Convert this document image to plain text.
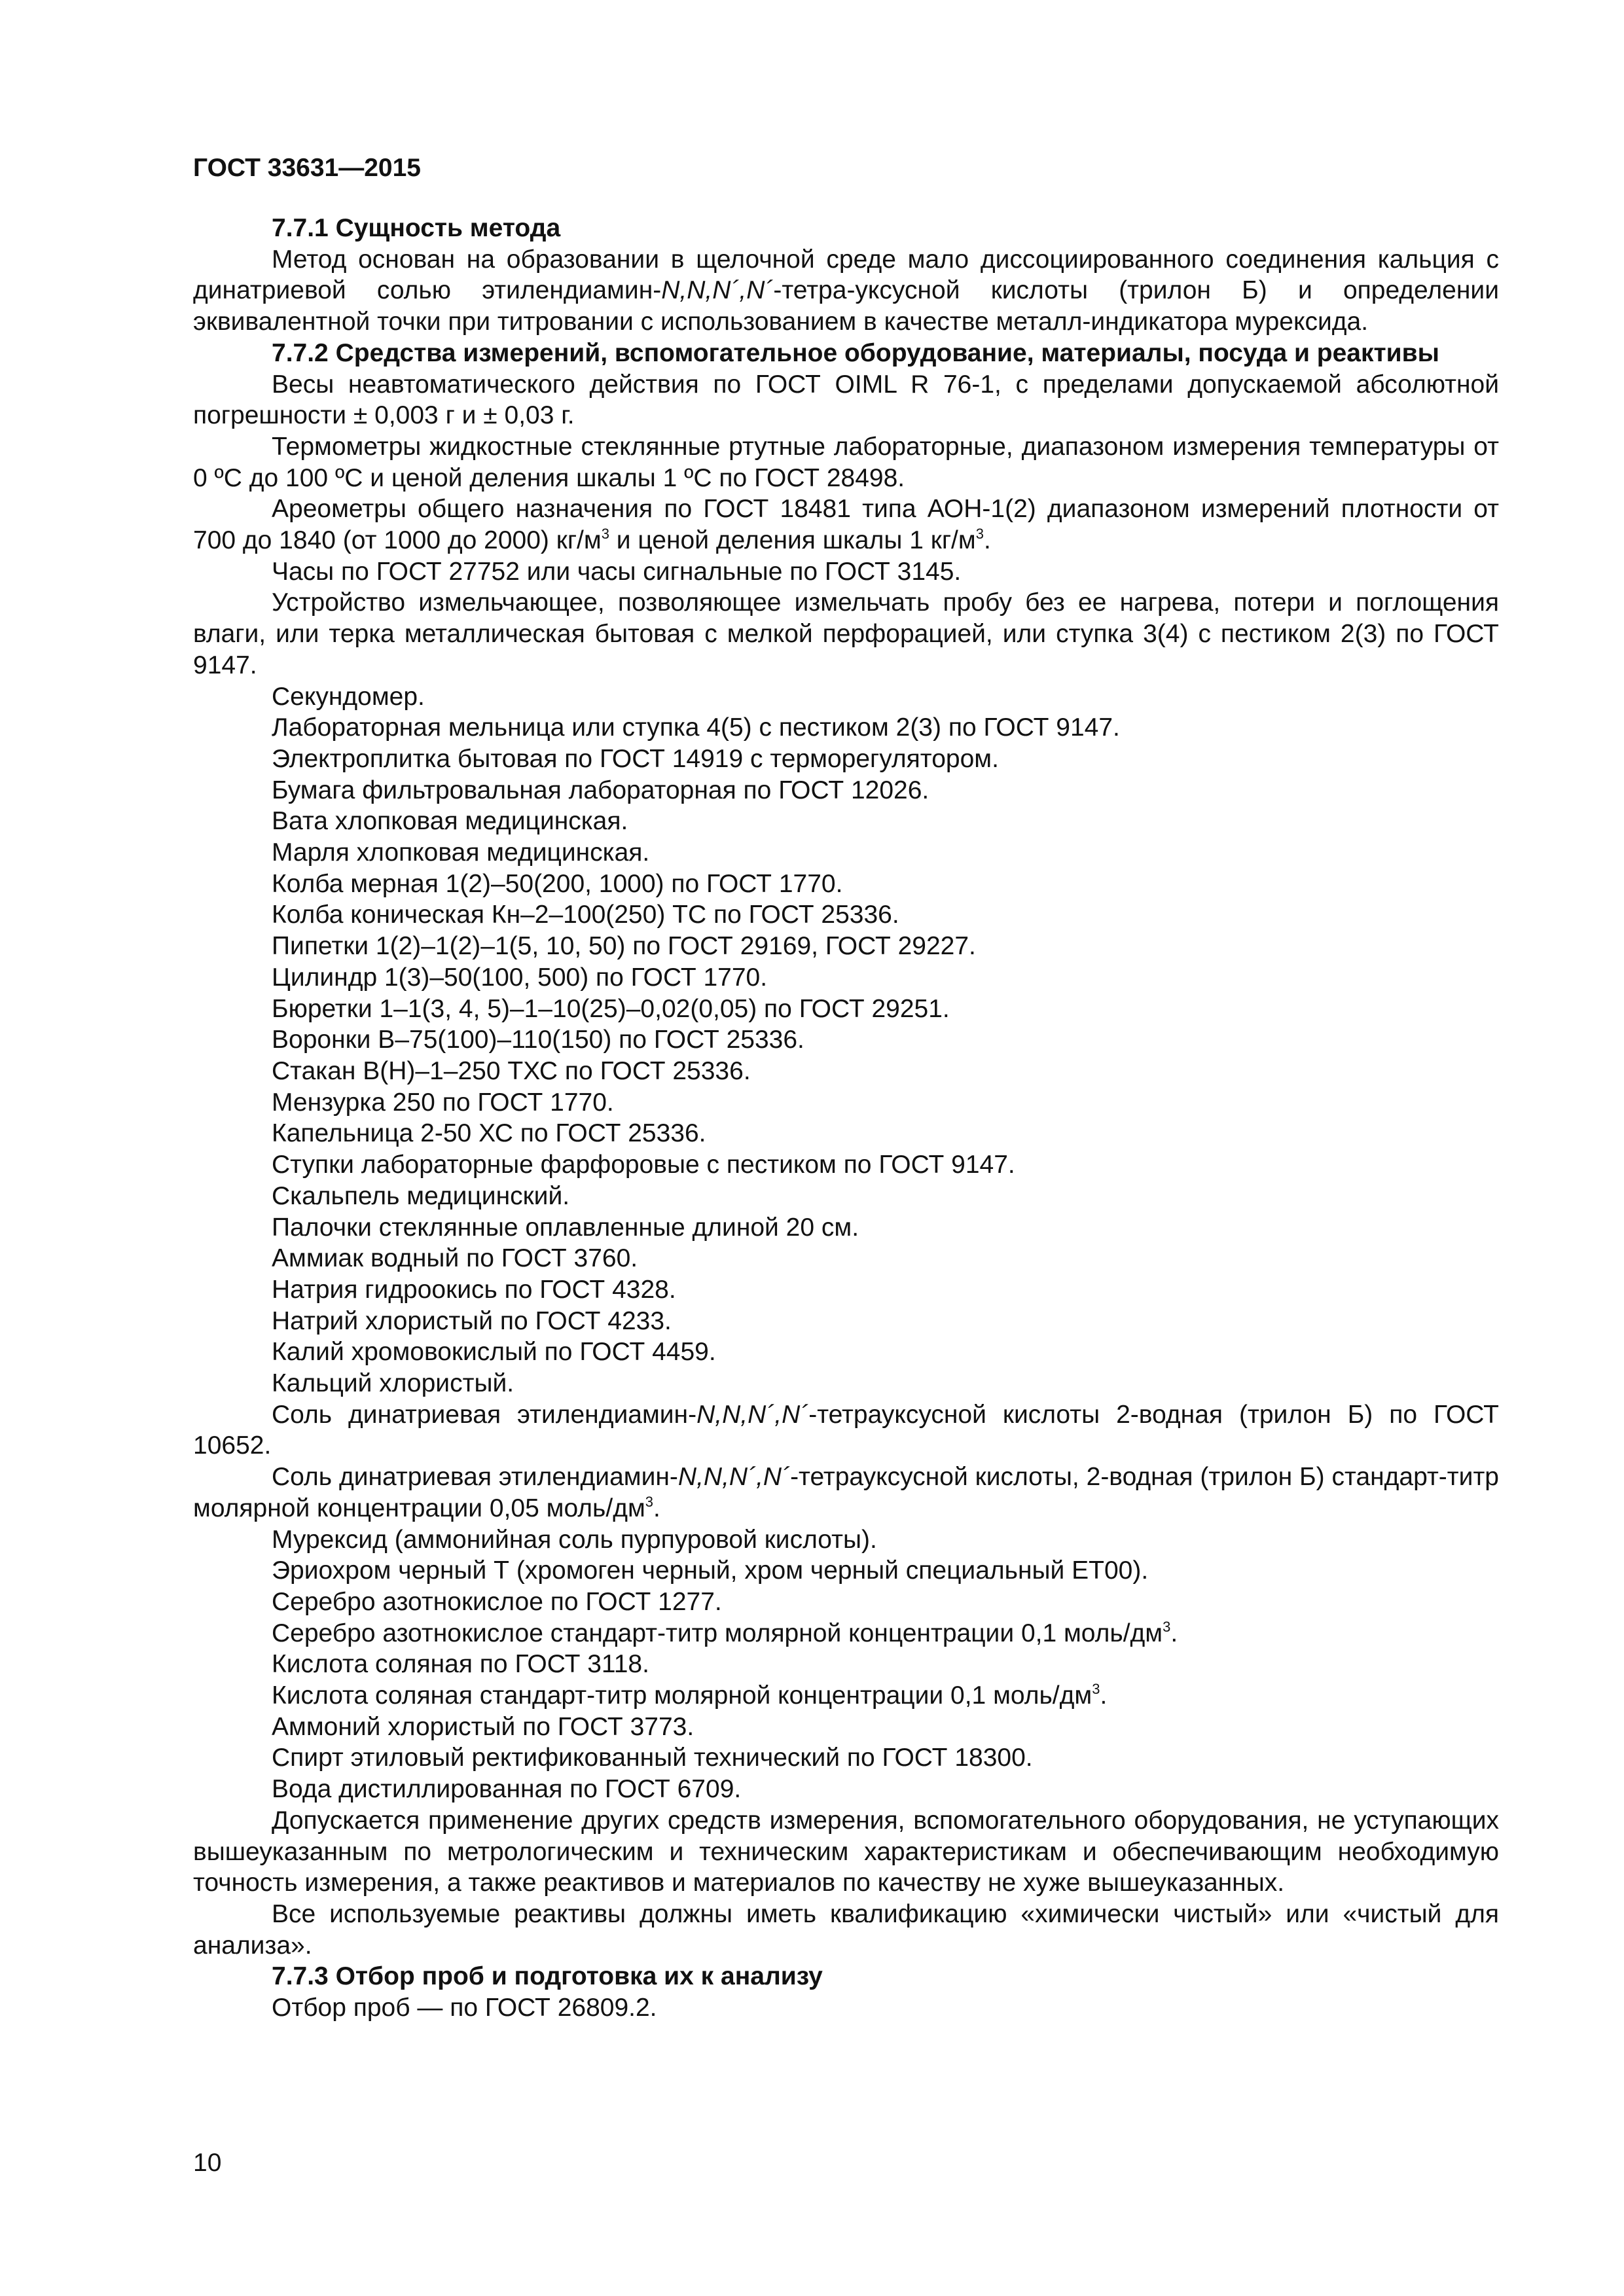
ГОСТ 33631—2015

7.7.1 Сущность метода

Метод основан на образовании в щелочной среде мало диссоциированного соединения кальция с динатриевой солью этилендиамин-N,N,N´,N´-тетра-уксусной кислоты (трилон Б) и определении эквивалентной точки при титровании с использованием в качестве металл-индикатора мурексида.

7.7.2 Средства измерений, вспомогательное оборудование, материалы, посуда и реактивы

Весы неавтоматического действия по ГОСТ OIML R 76-1, с пределами допускаемой абсолютной погрешности ± 0,003 г и ± 0,03 г.

Термометры жидкостные стеклянные ртутные лабораторные, диапазоном измерения температуры от 0 ºС до 100 ºС и ценой деления шкалы 1 ºС по ГОСТ 28498.

Ареометры общего назначения по ГОСТ 18481 типа АОН-1(2) диапазоном измерений плотности от 700 до 1840 (от 1000 до 2000) $кг/м^3$ и ценой деления шкалы 1 $кг/м^3$.

Часы по ГОСТ 27752 или часы сигнальные по ГОСТ 3145.

Устройство измельчающее, позволяющее измельчать пробу без ее нагрева, потери и поглощения влаги, или терка металлическая бытовая с мелкой перфорацией, или ступка 3(4) с пестиком 2(3) по ГОСТ 9147.

Секундомер.

Лабораторная мельница или ступка 4(5) с пестиком 2(3) по ГОСТ 9147.

Электроплитка бытовая по ГОСТ 14919 с терморегулятором.

Бумага фильтровальная лабораторная по ГОСТ 12026.

Вата хлопковая медицинская.

Марля хлопковая медицинская.

Колба мерная 1(2)–50(200, 1000) по ГОСТ 1770.

Колба коническая Кн–2–100(250) ТС по ГОСТ 25336.

Пипетки 1(2)–1(2)–1(5, 10, 50) по ГОСТ 29169, ГОСТ 29227.

Цилиндр 1(3)–50(100, 500) по ГОСТ 1770.

Бюретки 1–1(3, 4, 5)–1–10(25)–0,02(0,05) по ГОСТ 29251.

Воронки В–75(100)–110(150) по ГОСТ 25336.

Стакан В(Н)–1–250 ТХС по ГОСТ 25336.

Мензурка 250 по ГОСТ 1770.

Капельница 2-50 ХС по ГОСТ 25336.

Ступки лабораторные фарфоровые с пестиком по ГОСТ 9147.

Скальпель медицинский.

Палочки стеклянные оплавленные длиной 20 см.

Аммиак водный по ГОСТ 3760.

Натрия гидроокись по ГОСТ 4328.

Натрий хлористый по ГОСТ 4233.

Калий хромовокислый по ГОСТ 4459.

Кальций хлористый.

Соль динатриевая этилендиамин-N,N,N´,N´-тетрауксусной кислоты 2-водная (трилон Б) по ГОСТ 10652.

Соль динатриевая этилендиамин-N,N,N´,N´-тетрауксусной кислоты, 2-водная (трилон Б) стандарт-титр молярной концентрации 0,05 моль/$дм^3$.

Мурексид (аммонийная соль пурпуровой кислоты).

Эриохром черный Т (хромоген черный, хром черный специальный ЕТ00).

Серебро азотнокислое по ГОСТ 1277.

Серебро азотнокислое стандарт-титр молярной концентрации 0,1 моль/$дм^3$.

Кислота соляная по ГОСТ 3118.

Кислота соляная стандарт-титр молярной концентрации 0,1 моль/$дм^3$.

Аммоний хлористый по ГОСТ 3773.

Спирт этиловый ректификованный технический по ГОСТ 18300.

Вода дистиллированная по ГОСТ 6709.

Допускается применение других средств измерения, вспомогательного оборудования, не уступающих вышеуказанным по метрологическим и техническим характеристикам и обеспечивающим необходимую точность измерения, а также реактивов и материалов по качеству не хуже вышеуказанных.

Все используемые реактивы должны иметь квалификацию «химически чистый» или «чистый для анализа».

7.7.3 Отбор проб и подготовка их к анализу

Отбор проб — по ГОСТ 26809.2.

10
